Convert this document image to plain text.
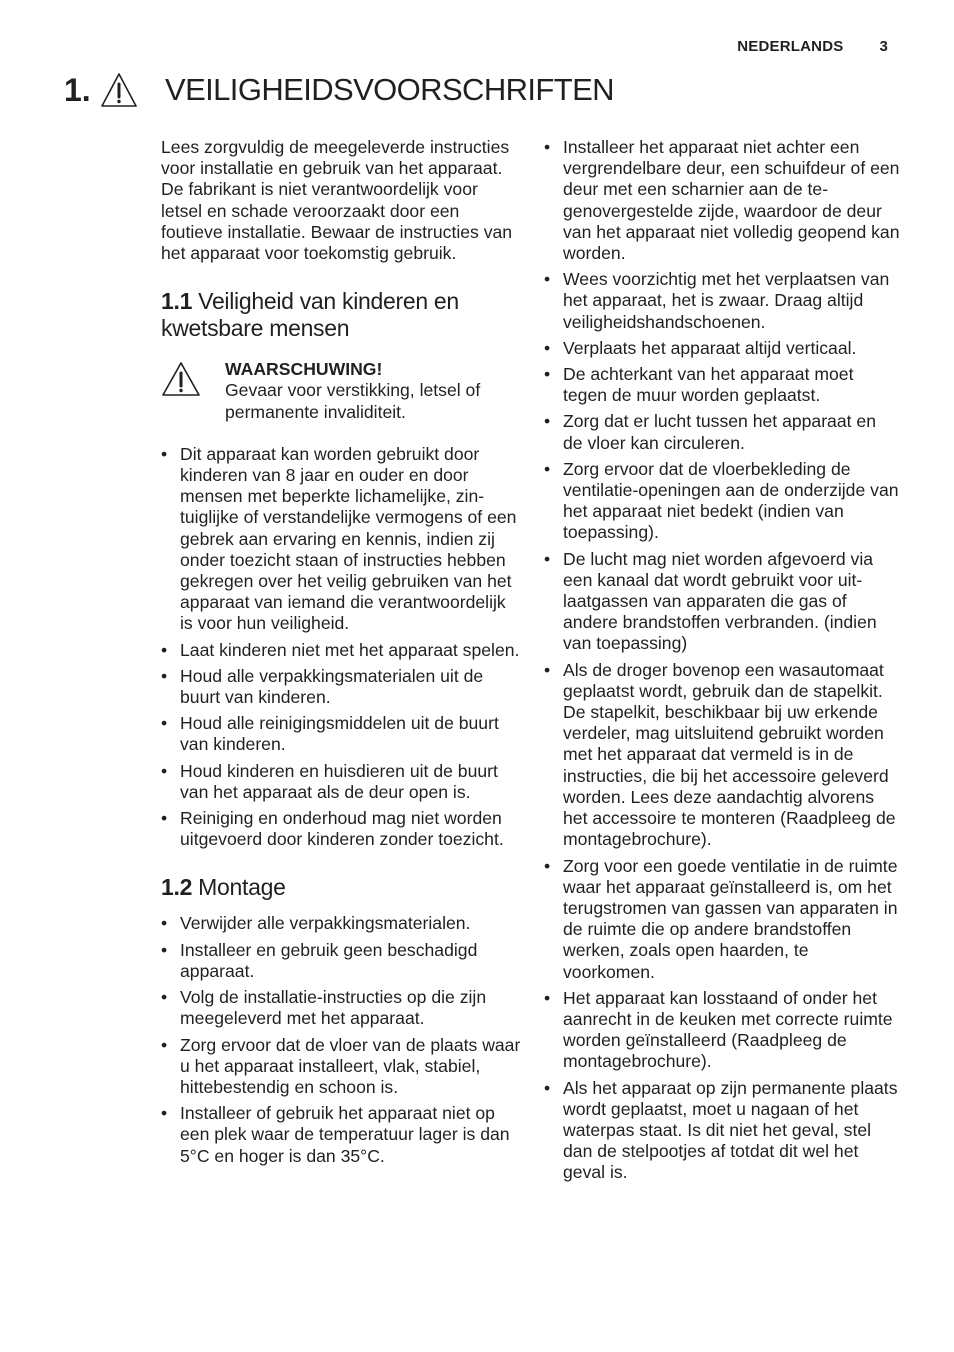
NEDERLANDS 3
1. VEILIGHEIDSVOORSCHRIFTEN

Lees zorgvuldig de meegeleverde instructies voor installatie en gebruik van het apparaat. De fabrikant is niet verantwoordelijk voor letsel en schade veroorzaakt door een foutieve installatie. Bewaar de instructies van het apparaat voor toekomstig gebruik.

1.1 Veiligheid van kinderen en kwetsbare mensen
WAARSCHUWING!
Gevaar voor verstikking, letsel of permanente invaliditeit.
• Dit apparaat kan worden gebruikt door kinderen van 8 jaar en ouder en door mensen met beperkte lichamelijke, zintuiglijke of verstandelijke vermogens of een gebrek aan ervaring en kennis, indien zij onder toezicht staan of instructies hebben gekregen over het veilig gebruiken van het apparaat van iemand die verantwoordelijk is voor hun veiligheid.
• Laat kinderen niet met het apparaat spelen.
• Houd alle verpakkingsmaterialen uit de buurt van kinderen.
• Houd alle reinigingsmiddelen uit de buurt van kinderen.
• Houd kinderen en huisdieren uit de buurt van het apparaat als de deur open is.
• Reiniging en onderhoud mag niet worden uitgevoerd door kinderen zonder toezicht.
1.2 Montage
• Verwijder alle verpakkingsmaterialen.
• Installeer en gebruik geen beschadigd apparaat.
• Volg de installatie-instructies op die zijn meegeleverd met het apparaat.
• Zorg ervoor dat de vloer van de plaats waar u het apparaat installeert, vlak, stabiel, hittebestendig en schoon is.
• Installeer of gebruik het apparaat niet op een plek waar de temperatuur lager is dan 5°C en hoger is dan 35°C.
• Installeer het apparaat niet achter een vergrendelbare deur, een schuifdeur of een deur met een scharnier aan de tegenovergestelde zijde, waardoor de deur van het apparaat niet volledig geopend kan worden.
• Wees voorzichtig met het verplaatsen van het apparaat, het is zwaar. Draag altijd veiligheidshandschoenen.
• Verplaats het apparaat altijd verticaal.
• De achterkant van het apparaat moet tegen de muur worden geplaatst.
• Zorg dat er lucht tussen het apparaat en de vloer kan circuleren.
• Zorg ervoor dat de vloerbekleding de ventilatie-openingen aan de onderzijde van het apparaat niet bedekt (indien van toepassing).
• De lucht mag niet worden afgevoerd via een kanaal dat wordt gebruikt voor uitlaatgassen van apparaten die gas of andere brandstoffen verbranden. (indien van toepassing)
• Als de droger bovenop een wasautomaat geplaatst wordt, gebruik dan de stapelkit. De stapelkit, beschikbaar bij uw erkende verdeler, mag uitsluitend gebruikt worden met het apparaat dat vermeld is in de instructies, die bij het accessoire geleverd worden. Lees deze aandachtig alvorens het accessoire te monteren (Raadpleeg de montagebrochure).
• Zorg voor een goede ventilatie in de ruimte waar het apparaat geïnstalleerd is, om het terugstromen van gassen van apparaten in de ruimte die op andere brandstoffen werken, zoals open haarden, te voorkomen.
• Het apparaat kan losstaand of onder het aanrecht in de keuken met correcte ruimte worden geïnstalleerd (Raadpleeg de montagebrochure).
• Als het apparaat op zijn permanente plaats wordt geplaatst, moet u nagaan of het waterpas staat. Is dit niet het geval, stel dan de stelpootjes af totdat dit wel het geval is.
